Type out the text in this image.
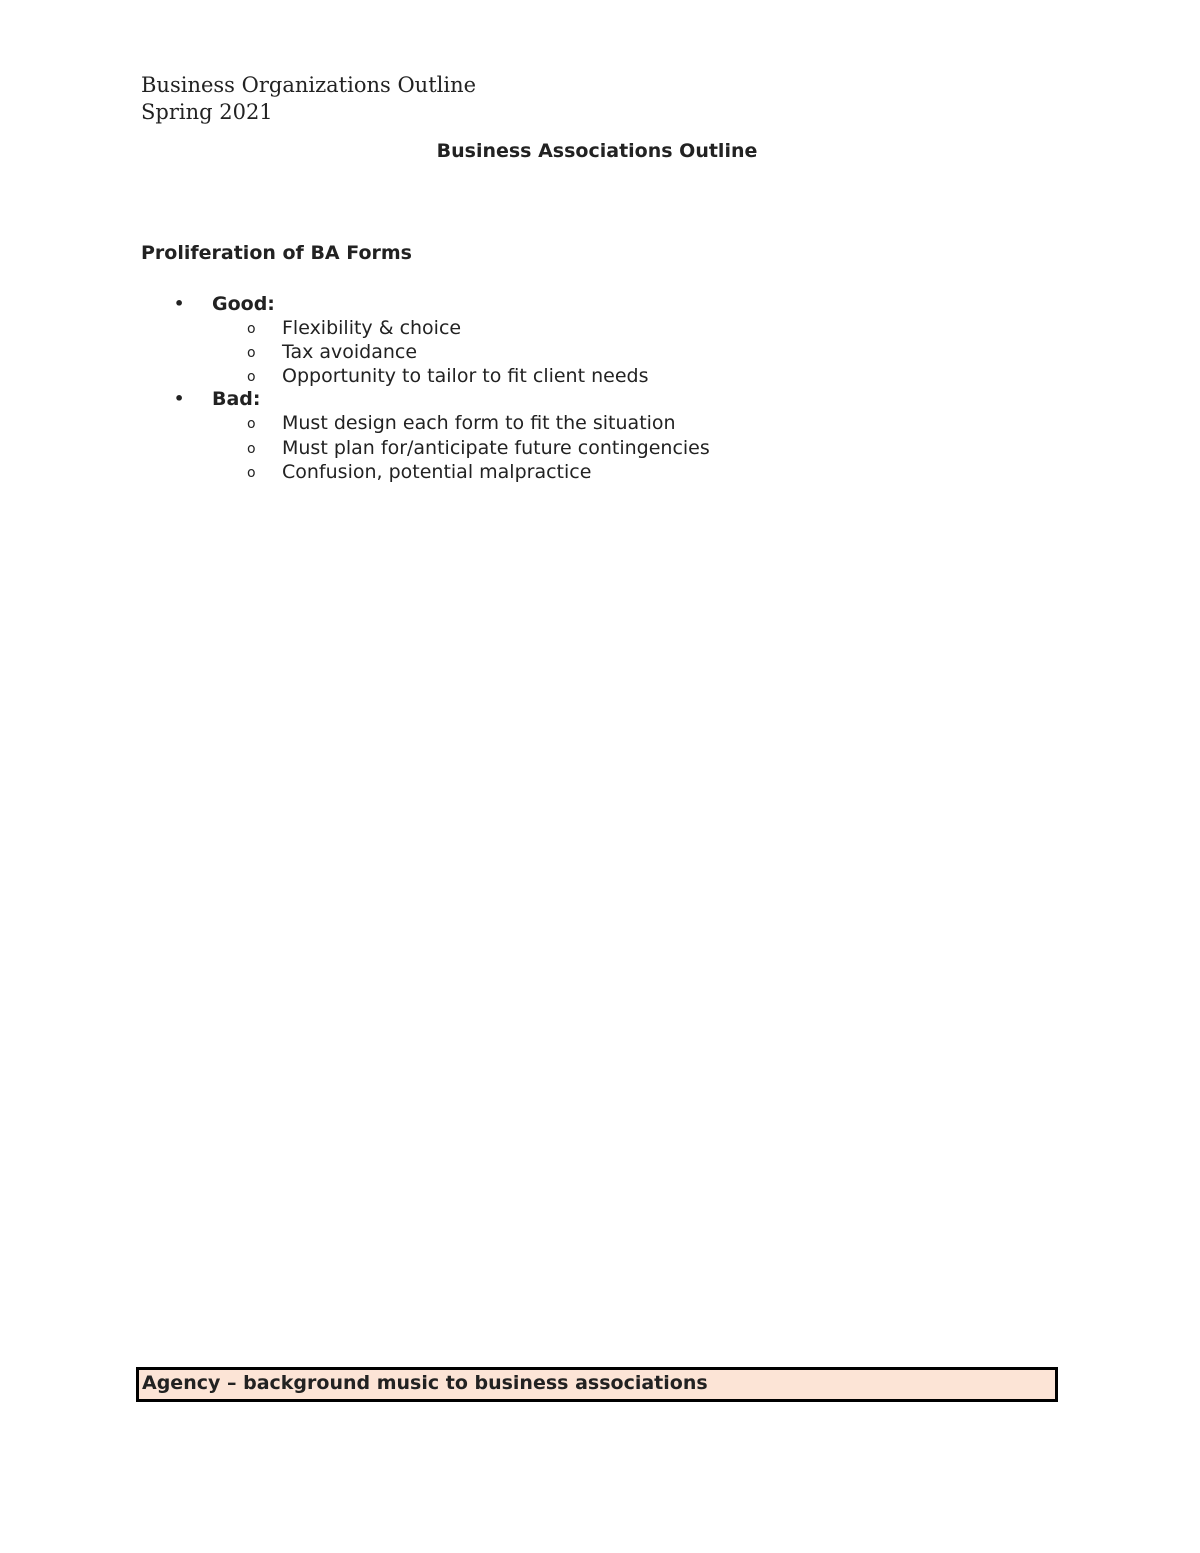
Business Organizations Outline
Spring 2021
Business Associations Outline
Proliferation of BA Forms
• Good:
o Flexibility & choice
o Tax avoidance
o Opportunity to tailor to fit client needs
• Bad:
o Must design each form to fit the situation
o Must plan for/anticipate future contingencies
o Confusion, potential malpractice
Agency – background music to business associations
